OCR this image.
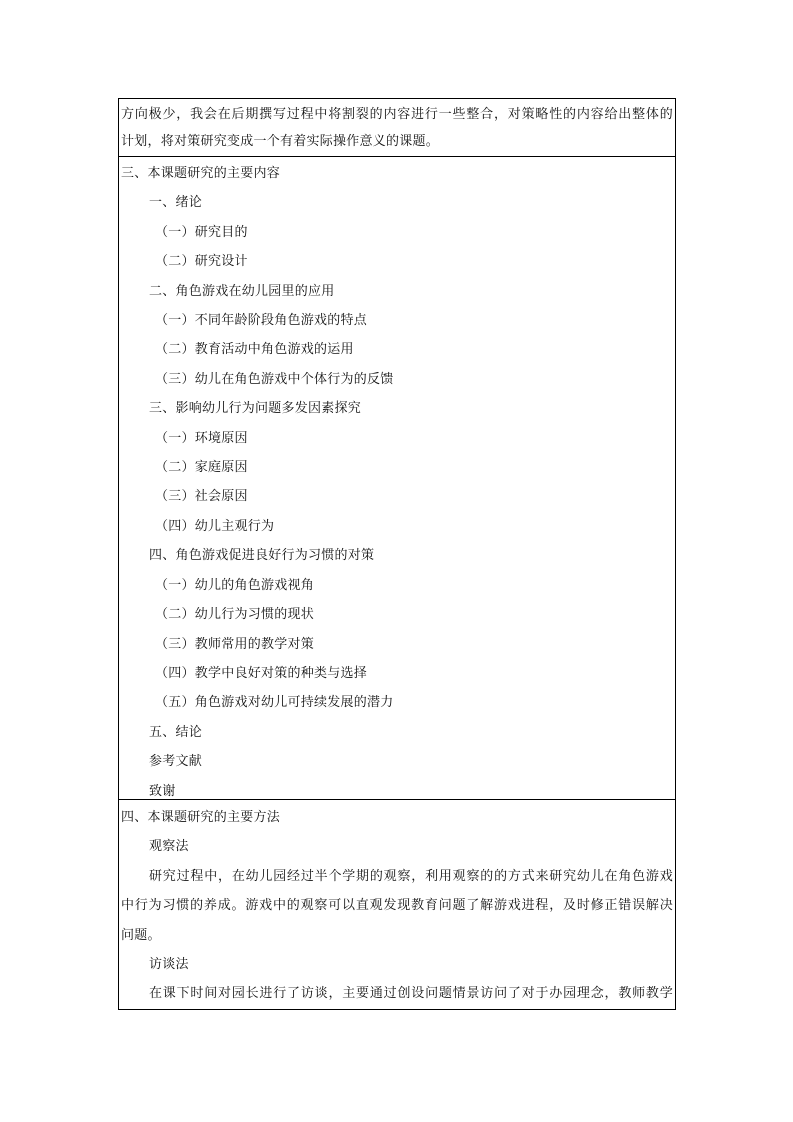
方向极少，我会在后期撰写过程中将割裂的内容进行一些整合，对策略性的内容给出整体的
计划，将对策研究变成一个有着实际操作意义的课题。
三、本课题研究的主要内容
一、绪论
（一）研究目的
（二）研究设计
二、角色游戏在幼儿园里的应用
（一）不同年龄阶段角色游戏的特点
（二）教育活动中角色游戏的运用
（三）幼儿在角色游戏中个体行为的反馈
三、影响幼儿行为问题多发因素探究
（一）环境原因
（二）家庭原因
（三）社会原因
（四）幼儿主观行为
四、角色游戏促进良好行为习惯的对策
（一）幼儿的角色游戏视角
（二）幼儿行为习惯的现状
（三）教师常用的教学对策
（四）教学中良好对策的种类与选择
（五）角色游戏对幼儿可持续发展的潜力
五、结论
参考文献
致谢
四、本课题研究的主要方法
观察法
研究过程中，在幼儿园经过半个学期的观察，利用观察的的方式来研究幼儿在角色游戏
中行为习惯的养成。游戏中的观察可以直观发现教育问题了解游戏进程，及时修正错误解决
问题。
访谈法
在课下时间对园长进行了访谈，主要通过创设问题情景访问了对于办园理念，教师教学
